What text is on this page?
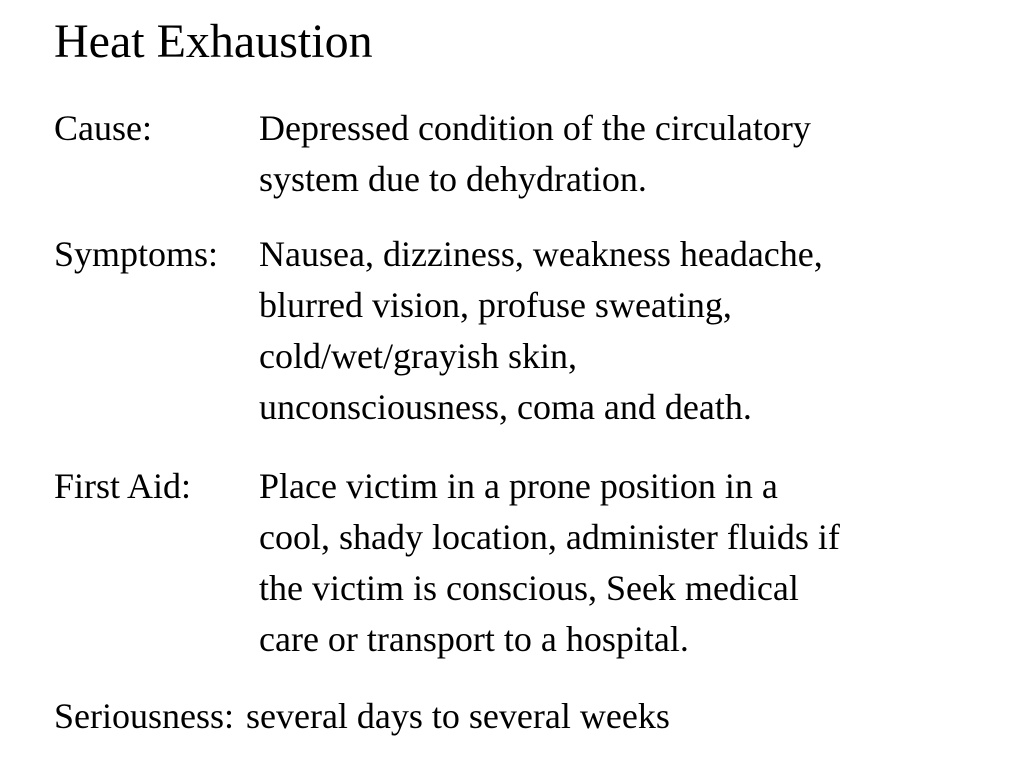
Heat Exhaustion
Cause:	Depressed condition of the circulatory
system due to dehydration.
Symptoms: Nausea, dizziness, weakness headache,
blurred vision, profuse sweating,
cold/wet/grayish skin,
unconsciousness, coma and death.
First Aid: Place victim in a prone position in a
cool, shady location, administer fluids if
the victim is conscious, Seek medical
care or transport to a hospital.
Seriousness: several days to several weeks
